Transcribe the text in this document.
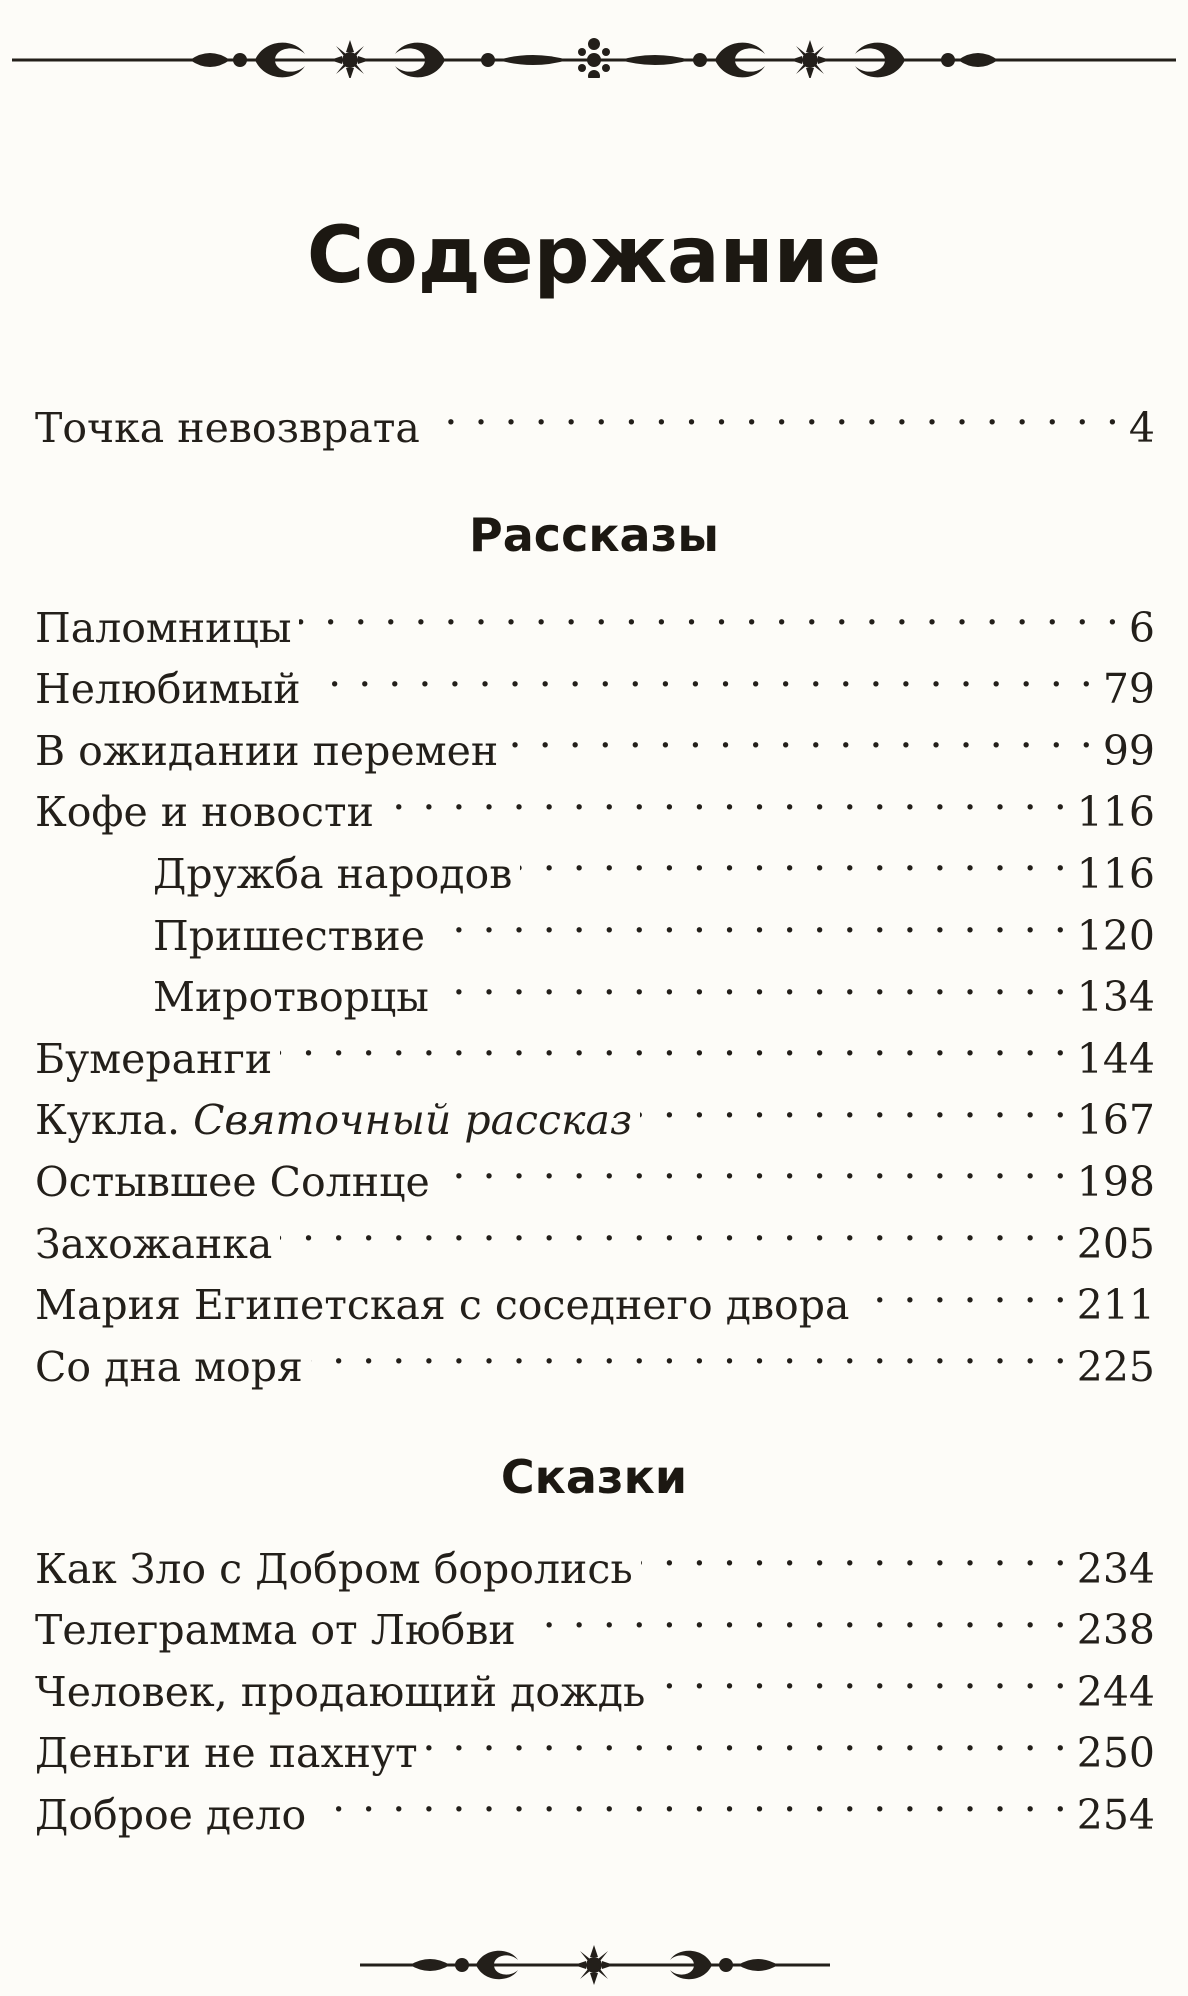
Содержание
Точка невозврата . . .	4
Рассказы
Паломницы . . .	6
Нелюбимый . . .	79
В ожидании перемен . . .	99
Кофе и новости . . .	116
Дружба народов . . .	116
Пришествие . . .	120
Миротворцы . . .	134
Бумеранги . . .	144
Кукла. Святочный рассказ . . .	167
Остывшее Солнце . . .	198
Захожанка . . .	205
Мария Египетская с соседнего двора . . .	211
Со дна моря . . .	225
Сказки
Как Зло с Добром боролись . . .	234
Телеграмма от Любви . . .	238
Человек, продающий дождь . . .	244
Деньги не пахнут . . .	250
Доброе дело . . .	254
